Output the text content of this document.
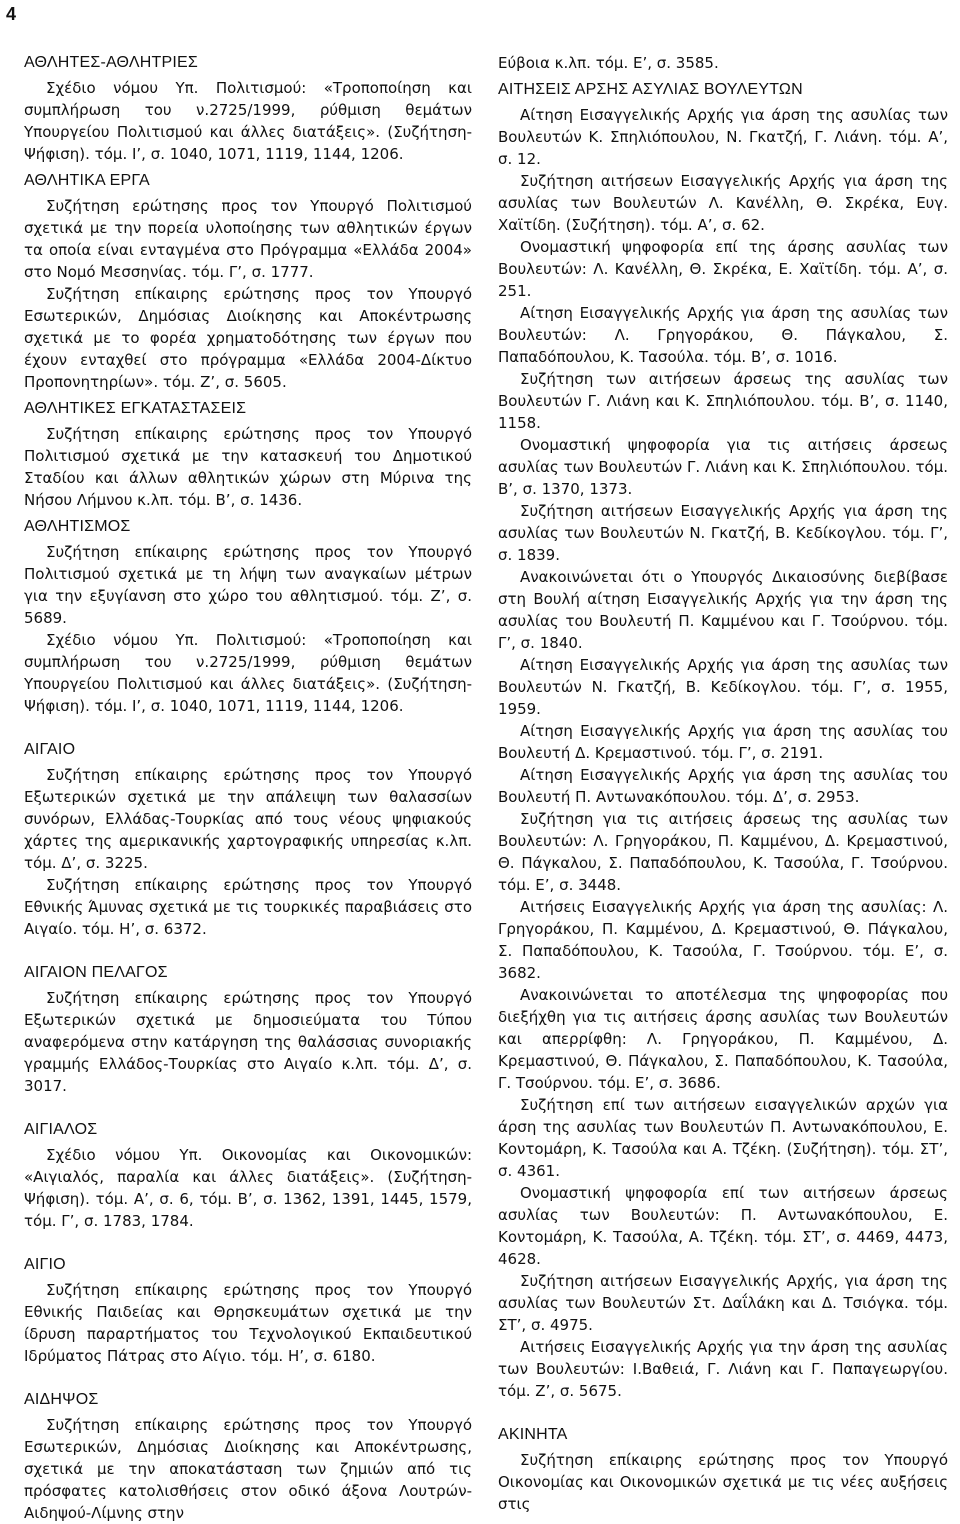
4
ΑΘΛΗΤΕΣ-ΑΘΛΗΤΡΙΕΣ

Σχέδιο νόμου Υπ. Πολιτισμού: «Τροποποίηση και συμπλήρωση του ν.2725/1999, ρύθμιση θεμάτων Υπουργείου Πολιτισμού και άλλες διατάξεις». (Συζήτηση-Ψήφιση). τόμ. Ι’, σ. 1040, 1071, 1119, 1144, 1206.

ΑΘΛΗΤΙΚΑ ΕΡΓΑ

Συζήτηση ερώτησης προς τον Υπουργό Πολιτισμού σχετικά με την πορεία υλοποίησης των αθλητικών έργων τα οποία είναι ενταγμένα στο Πρόγραμμα «Ελλάδα 2004» στο Νομό Μεσσηνίας. τόμ. Γ’, σ. 1777.

Συζήτηση επίκαιρης ερώτησης προς τον Υπουργό Εσωτερικών, Δημόσιας Διοίκησης και Αποκέντρωσης σχετικά με το φορέα χρηματοδότησης των έργων που έχουν ενταχθεί στο πρόγραμμα «Ελλάδα 2004-Δίκτυο Προπονητηρίων». τόμ. Ζ’, σ. 5605.

ΑΘΛΗΤΙΚΕΣ ΕΓΚΑΤΑΣΤΑΣΕΙΣ

Συζήτηση επίκαιρης ερώτησης προς τον Υπουργό Πολιτισμού σχετικά με την κατασκευή του Δημοτικού Σταδίου και άλλων αθλητικών χώρων στη Μύρινα της Νήσου Λήμνου κ.λπ. τόμ. Β’, σ. 1436.

ΑΘΛΗΤΙΣΜΟΣ

Συζήτηση επίκαιρης ερώτησης προς τον Υπουργό Πολιτισμού σχετικά με τη λήψη των αναγκαίων μέτρων για την εξυγίανση στο χώρο του αθλητισμού. τόμ. Ζ’, σ. 5689.

Σχέδιο νόμου Υπ. Πολιτισμού: «Τροποποίηση και συμπλήρωση του ν.2725/1999, ρύθμιση θεμάτων Υπουργείου Πολιτισμού και άλλες διατάξεις». (Συζήτηση-Ψήφιση). τόμ. Ι’, σ. 1040, 1071, 1119, 1144, 1206.

ΑΙΓΑΙΟ

Συζήτηση επίκαιρης ερώτησης προς τον Υπουργό Εξωτερικών σχετικά με την απάλειψη των θαλασσίων συνόρων, Ελλάδας-Τουρκίας από τους νέους ψηφιακούς χάρτες της αμερικανικής χαρτογραφικής υπηρεσίας κ.λπ. τόμ. Δ’, σ. 3225.

Συζήτηση επίκαιρης ερώτησης προς τον Υπουργό Εθνικής Άμυνας σχετικά με τις τουρκικές παραβιάσεις στο Αιγαίο. τόμ. Η’, σ. 6372.

ΑΙΓΑΙΟΝ ΠΕΛΑΓΟΣ

Συζήτηση επίκαιρης ερώτησης προς τον Υπουργό Εξωτερικών σχετικά με δημοσιεύματα του Τύπου αναφερόμενα στην κατάργηση της θαλάσσιας συνοριακής γραμμής Ελλάδος-Τουρκίας στο Αιγαίο κ.λπ. τόμ. Δ’, σ. 3017.

ΑΙΓΙΑΛΟΣ

Σχέδιο νόμου Υπ. Οικονομίας και Οικονομικών: «Αιγιαλός, παραλία και άλλες διατάξεις». (Συζήτηση-Ψήφιση). τόμ. Α’, σ. 6, τόμ. Β’, σ. 1362, 1391, 1445, 1579, τόμ. Γ’, σ. 1783, 1784.

ΑΙΓΙΟ

Συζήτηση επίκαιρης ερώτησης προς τον Υπουργό Εθνικής Παιδείας και Θρησκευμάτων σχετικά με την ίδρυση παραρτήματος του Τεχνολογικού Εκπαιδευτικού Ιδρύματος Πάτρας στο Αίγιο. τόμ. Η’, σ. 6180.

ΑΙΔΗΨΟΣ

Συζήτηση επίκαιρης ερώτησης προς τον Υπουργό Εσωτερικών, Δημόσιας Διοίκησης και Αποκέντρωσης, σχετικά με την αποκατάσταση των ζημιών από τις πρόσφατες κατολισθήσεις στον οδικό άξονα Λουτρών-Αιδηψού-Λίμνης στην

Εύβοια κ.λπ. τόμ. Ε’, σ. 3585.

ΑΙΤΗΣΕΙΣ ΑΡΣΗΣ ΑΣΥΛΙΑΣ ΒΟΥΛΕΥΤΩΝ

Αίτηση Εισαγγελικής Αρχής για άρση της ασυλίας των Βουλευτών Κ. Σπηλιόπουλου, Ν. Γκατζή, Γ. Λιάνη. τόμ. Α’, σ. 12.

Συζήτηση αιτήσεων Εισαγγελικής Αρχής για άρση της ασυλίας των Βουλευτών Λ. Κανέλλη, Θ. Σκρέκα, Ευγ. Χαϊτίδη. (Συζήτηση). τόμ. Α’, σ. 62.

Ονομαστική ψηφοφορία επί της άρσης ασυλίας των Βουλευτών: Λ. Κανέλλη, Θ. Σκρέκα, Ε. Χαϊτίδη. τόμ. Α’, σ. 251.

Αίτηση Εισαγγελικής Αρχής για άρση της ασυλίας των Βουλευτών: Λ. Γρηγοράκου, Θ. Πάγκαλου, Σ. Παπαδόπουλου, Κ. Τασούλα. τόμ. Β’, σ. 1016.

Συζήτηση των αιτήσεων άρσεως της ασυλίας των Βουλευτών Γ. Λιάνη και Κ. Σπηλιόπουλου. τόμ. Β’, σ. 1140, 1158.

Ονομαστική ψηφοφορία για τις αιτήσεις άρσεως ασυλίας των Βουλευτών Γ. Λιάνη και Κ. Σπηλιόπουλου. τόμ. Β’, σ. 1370, 1373.

Συζήτηση αιτήσεων Εισαγγελικής Αρχής για άρση της ασυλίας των Βουλευτών Ν. Γκατζή, Β. Κεδίκογλου. τόμ. Γ’, σ. 1839.

Ανακοινώνεται ότι ο Υπουργός Δικαιοσύνης διεβίβασε στη Βουλή αίτηση Εισαγγελικής Αρχής για την άρση της ασυλίας του Βουλευτή Π. Καμμένου και Γ. Τσούρνου. τόμ. Γ’, σ. 1840.

Αίτηση Εισαγγελικής Αρχής για άρση της ασυλίας των Βουλευτών Ν. Γκατζή, Β. Κεδίκογλου. τόμ. Γ’, σ. 1955, 1959.

Αίτηση Εισαγγελικής Αρχής για άρση της ασυλίας του Βουλευτή Δ. Κρεμαστινού. τόμ. Γ’, σ. 2191.

Αίτηση Εισαγγελικής Αρχής για άρση της ασυλίας του Βουλευτή Π. Αντωνακόπουλου. τόμ. Δ’, σ. 2953.

Συζήτηση για τις αιτήσεις άρσεως της ασυλίας των Βουλευτών: Λ. Γρηγοράκου, Π. Καμμένου, Δ. Κρεμαστινού, Θ. Πάγκαλου, Σ. Παπαδόπουλου, Κ. Τασούλα, Γ. Τσούρνου. τόμ. Ε’, σ. 3448.

Αιτήσεις Εισαγγελικής Αρχής για άρση της ασυλίας: Λ. Γρηγοράκου, Π. Καμμένου, Δ. Κρεμαστινού, Θ. Πάγκαλου, Σ. Παπαδόπουλου, Κ. Τασούλα, Γ. Τσούρνου. τόμ. Ε’, σ. 3682.

Ανακοινώνεται το αποτέλεσμα της ψηφοφορίας που διεξήχθη για τις αιτήσεις άρσης ασυλίας των Βουλευτών και απερρίφθη: Λ. Γρηγοράκου, Π. Καμμένου, Δ. Κρεμαστινού, Θ. Πάγκαλου, Σ. Παπαδόπουλου, Κ. Τασούλα, Γ. Τσούρνου. τόμ. Ε’, σ. 3686.

Συζήτηση επί των αιτήσεων εισαγγελικών αρχών για άρση της ασυλίας των Βουλευτών Π. Αντωνακόπουλου, Ε. Κοντομάρη, Κ. Τασούλα και Α. Τζέκη. (Συζήτηση). τόμ. ΣΤ’, σ. 4361.

Ονομαστική ψηφοφορία επί των αιτήσεων άρσεως ασυλίας των Βουλευτών: Π. Αντωνακόπουλου, Ε. Κοντομάρη, Κ. Τασούλα, Α. Τζέκη. τόμ. ΣΤ’, σ. 4469, 4473, 4628.

Συζήτηση αιτήσεων Εισαγγελικής Αρχής, για άρση της ασυλίας των Βουλευτών Στ. Δαΐλάκη και Δ. Τσιόγκα. τόμ. ΣΤ’, σ. 4975.

Αιτήσεις Εισαγγελικής Αρχής για την άρση της ασυλίας των Βουλευτών: Ι.Βαθειά, Γ. Λιάνη και Γ. Παπαγεωργίου. τόμ. Ζ’, σ. 5675.

ΑΚΙΝΗΤΑ

Συζήτηση επίκαιρης ερώτησης προς τον Υπουργό Οικονομίας και Οικονομικών σχετικά με τις νέες αυξήσεις στις
